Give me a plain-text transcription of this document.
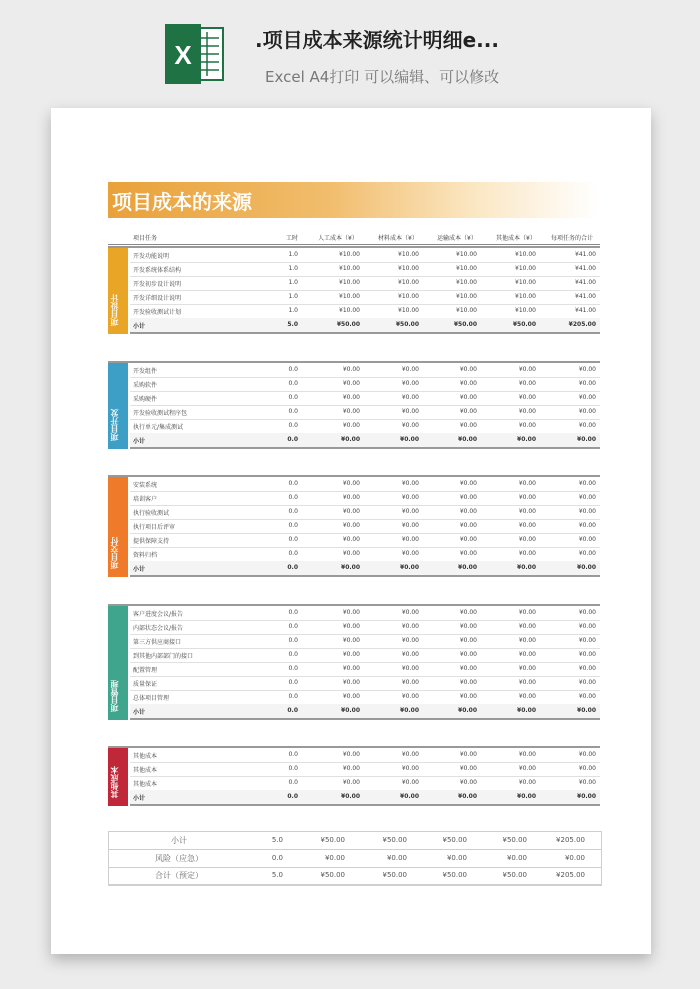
X	.项目成本来源统计明细e...
Excel A4打印 可以编辑、可以修改
项目成本的来源
项目任务	工时	人工成本（¥）	材料成本（¥）	运输成本（¥）	其他成本（¥）	每项任务的合计
项目设计
开发功能说明	1.0	¥10.00	¥10.00	¥10.00	¥10.00	¥41.00
开发系统体系结构	1.0	¥10.00	¥10.00	¥10.00	¥10.00	¥41.00
开发初步设计说明	1.0	¥10.00	¥10.00	¥10.00	¥10.00	¥41.00
开发详细设计说明	1.0	¥10.00	¥10.00	¥10.00	¥10.00	¥41.00
开发验收测试计划	1.0	¥10.00	¥10.00	¥10.00	¥10.00	¥41.00
小计	5.0	¥50.00	¥50.00	¥50.00	¥50.00	¥205.00
项目开发
开发组件	0.0	¥0.00	¥0.00	¥0.00	¥0.00	¥0.00
采购软件	0.0	¥0.00	¥0.00	¥0.00	¥0.00	¥0.00
采购硬件	0.0	¥0.00	¥0.00	¥0.00	¥0.00	¥0.00
开发验收测试程序包	0.0	¥0.00	¥0.00	¥0.00	¥0.00	¥0.00
执行单元/集成测试	0.0	¥0.00	¥0.00	¥0.00	¥0.00	¥0.00
小计	0.0	¥0.00	¥0.00	¥0.00	¥0.00	¥0.00
项目交付
安装系统	0.0	¥0.00	¥0.00	¥0.00	¥0.00	¥0.00
培训客户	0.0	¥0.00	¥0.00	¥0.00	¥0.00	¥0.00
执行验收测试	0.0	¥0.00	¥0.00	¥0.00	¥0.00	¥0.00
执行项目后评审	0.0	¥0.00	¥0.00	¥0.00	¥0.00	¥0.00
提供保障支持	0.0	¥0.00	¥0.00	¥0.00	¥0.00	¥0.00
资料归档	0.0	¥0.00	¥0.00	¥0.00	¥0.00	¥0.00
小计	0.0	¥0.00	¥0.00	¥0.00	¥0.00	¥0.00
项目管理
客户进度会议/报告	0.0	¥0.00	¥0.00	¥0.00	¥0.00	¥0.00
内部状态会议/报告	0.0	¥0.00	¥0.00	¥0.00	¥0.00	¥0.00
第三方供应商接口	0.0	¥0.00	¥0.00	¥0.00	¥0.00	¥0.00
到其他内部部门的接口	0.0	¥0.00	¥0.00	¥0.00	¥0.00	¥0.00
配置管理	0.0	¥0.00	¥0.00	¥0.00	¥0.00	¥0.00
质量保证	0.0	¥0.00	¥0.00	¥0.00	¥0.00	¥0.00
总体项目管理	0.0	¥0.00	¥0.00	¥0.00	¥0.00	¥0.00
小计	0.0	¥0.00	¥0.00	¥0.00	¥0.00	¥0.00
其他成本
其他成本	0.0	¥0.00	¥0.00	¥0.00	¥0.00	¥0.00
其他成本	0.0	¥0.00	¥0.00	¥0.00	¥0.00	¥0.00
其他成本	0.0	¥0.00	¥0.00	¥0.00	¥0.00	¥0.00
小计	0.0	¥0.00	¥0.00	¥0.00	¥0.00	¥0.00
小计	5.0	¥50.00	¥50.00	¥50.00	¥50.00	¥205.00
风险（应急）	0.0	¥0.00	¥0.00	¥0.00	¥0.00	¥0.00
合计（预定）	5.0	¥50.00	¥50.00	¥50.00	¥50.00	¥205.00
